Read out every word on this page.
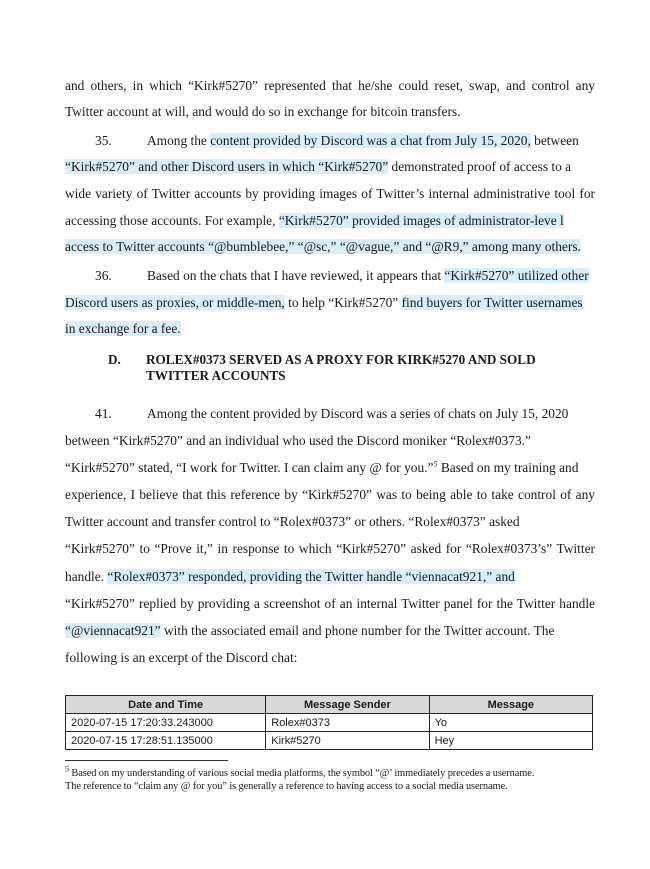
and others, in which “Kirk#5270” represented that he/she could reset, swap, and control any
Twitter account at will, and would do so in exchange for bitcoin transfers.
35.	Among the content provided by Discord was a chat from July 15, 2020, between
“Kirk#5270” and other Discord users in which “Kirk#5270” demonstrated proof of access to a
wide variety of Twitter accounts by providing images of Twitter’s internal administrative tool for
accessing those accounts. For example, “Kirk#5270” provided images of administrator-leve l
access to Twitter accounts “@bumblebee,” “@sc,” “@vague,” and “@R9,” among many others.
36.	Based on the chats that I have reviewed, it appears that “Kirk#5270” utilized other
Discord users as proxies, or middle-men, to help “Kirk#5270” find buyers for Twitter usernames
in exchange for a fee.
D. ROLEX#0373 SERVED AS A PROXY FOR KIRK#5270 AND SOLD
TWITTER ACCOUNTS
41.	Among the content provided by Discord was a series of chats on July 15, 2020
between “Kirk#5270” and an individual who used the Discord moniker “Rolex#0373.”
“Kirk#5270” stated, “I work for Twitter. I can claim any @ for you.”$^5$ Based on my training and
experience, I believe that this reference by “Kirk#5270” was to being able to take control of any
Twitter account and transfer control to “Rolex#0373” or others. “Rolex#0373” asked
“Kirk#5270” to “Prove it,” in response to which “Kirk#5270” asked for “Rolex#0373’s” Twitter
handle. “Rolex#0373” responded, providing the Twitter handle “viennacat921,” and
“Kirk#5270” replied by providing a screenshot of an internal Twitter panel for the Twitter handle
“@viennacat921” with the associated email and phone number for the Twitter account. The
following is an excerpt of the Discord chat:
Date and Time	Message Sender	Message
2020-07-15 17:20:33.243000	Rolex#0373	Yo
2020-07-15 17:28:51.135000	Kirk#5270	Hey
$^5$ Based on my understanding of various social media platforms, the symbol “@’ immediately precedes a username.
The reference to “claim any @ for you” is generally a reference to having access to a social media username.
